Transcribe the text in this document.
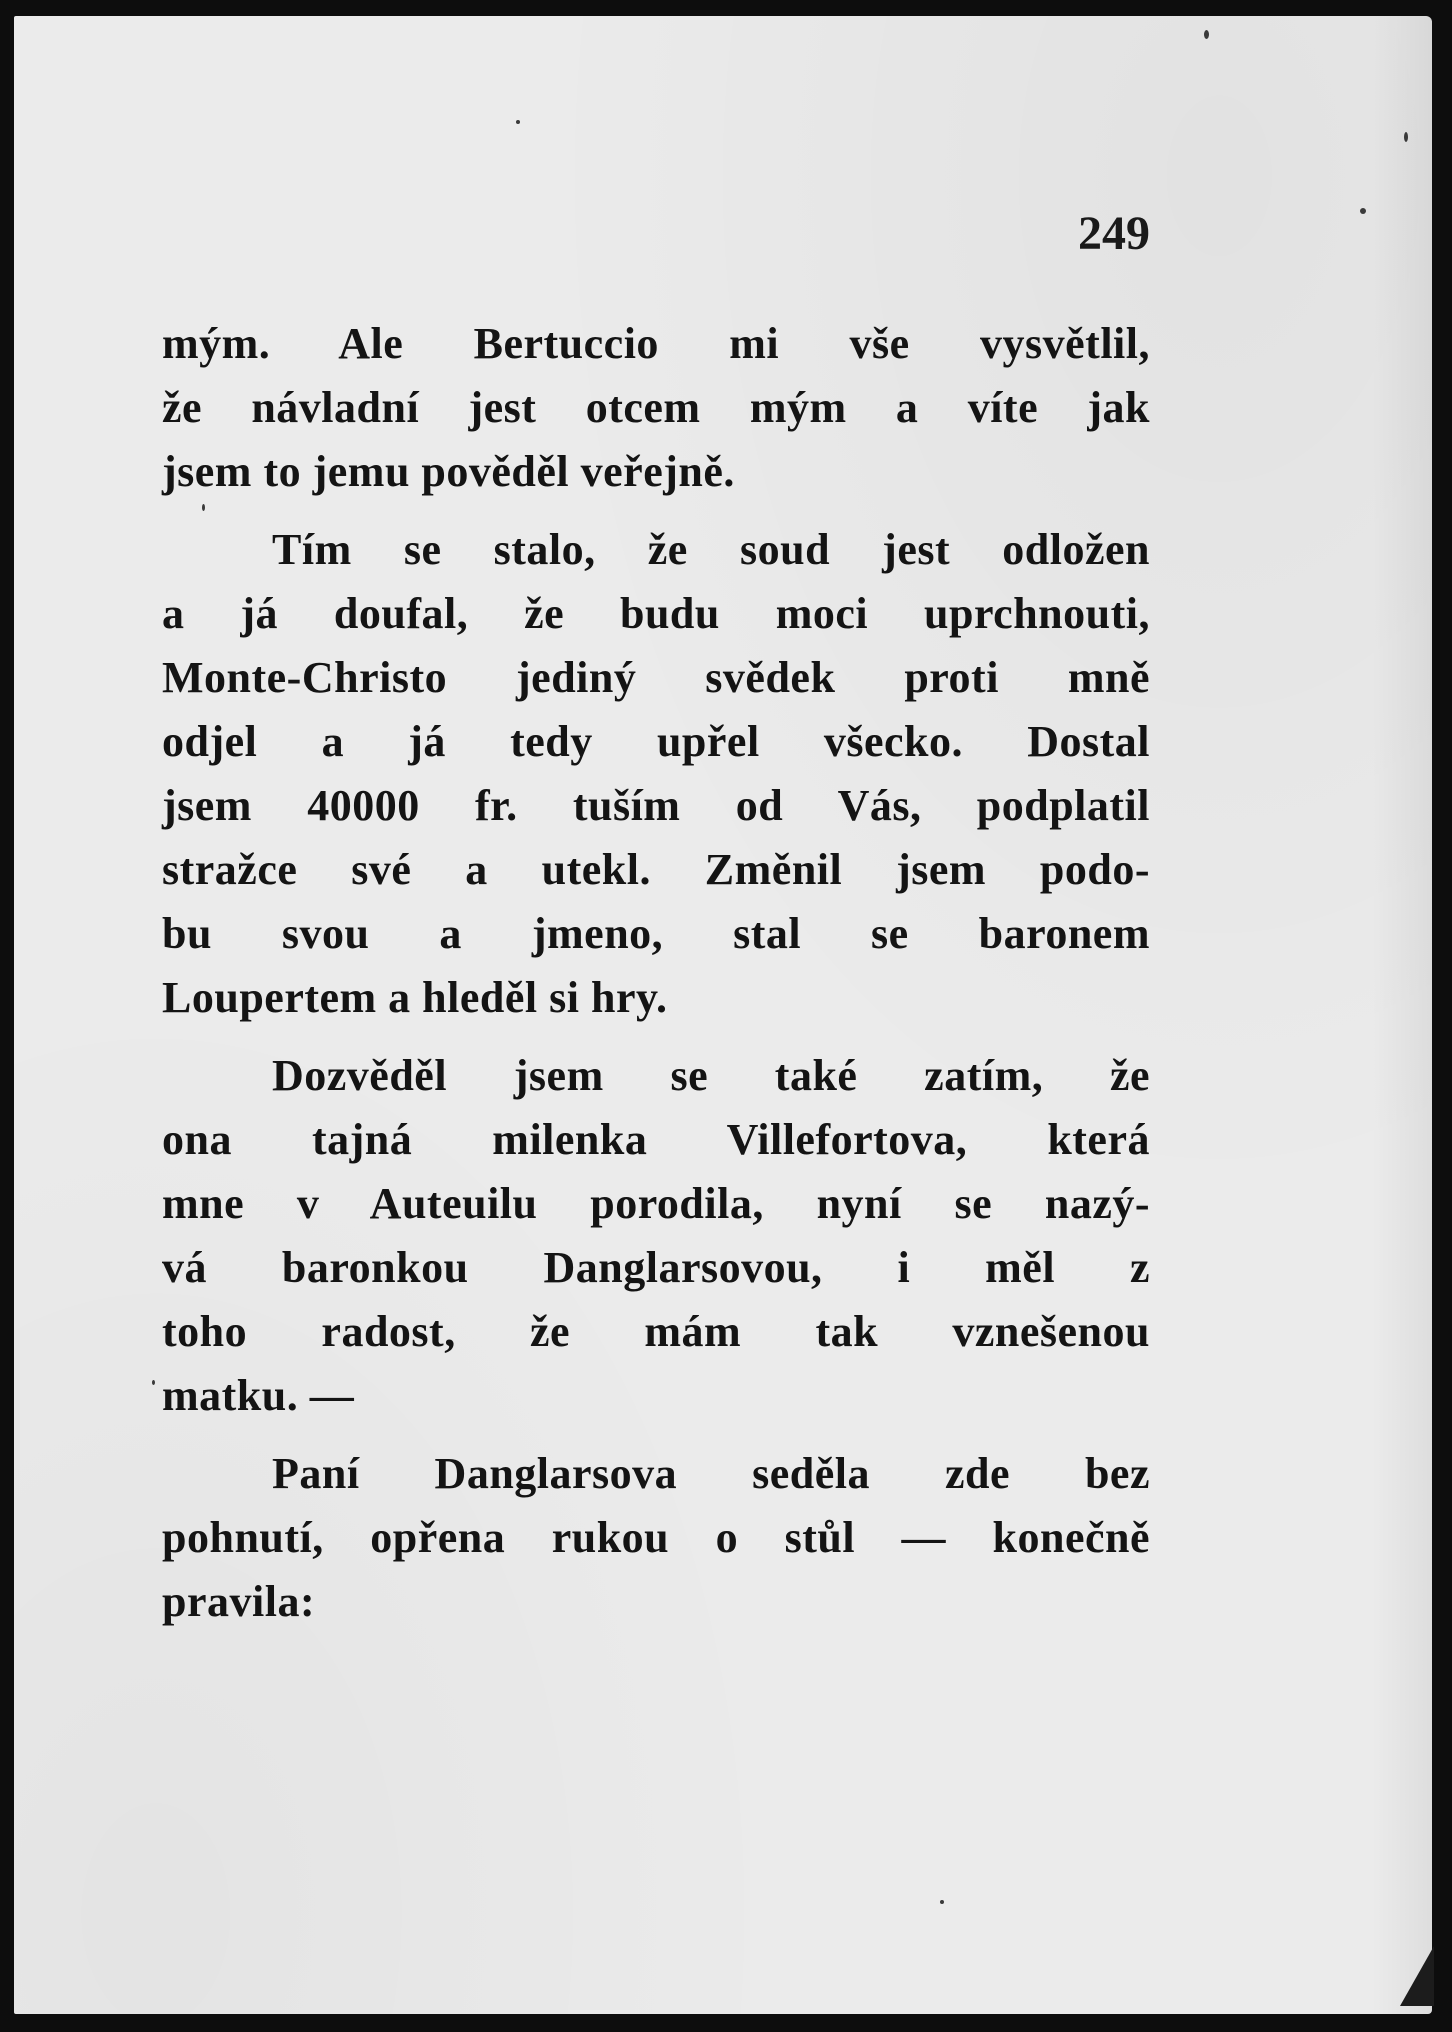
249
mým. Ale Bertuccio mi vše vysvětlil,
že návladní jest otcem mým a víte jak
jsem to jemu pověděl veřejně.
Tím se stalo, že soud jest odložen
a já doufal, že budu moci uprchnouti,
Monte-Christo jediný svědek proti mně
odjel a já tedy upřel všecko. Dostal
jsem 40000 fr. tuším od Vás, podplatil
stražce své a utekl. Změnil jsem podo-
bu svou a jmeno, stal se baronem
Loupertem a hleděl si hry.
Dozvěděl jsem se také zatím, že
ona tajná milenka Villefortova, která
mne v Auteuilu porodila, nyní se nazý-
vá baronkou Danglarsovou, i měl z
toho radost, že mám tak vznešenou
matku. —
Paní Danglarsova seděla zde bez
pohnutí, opřena rukou o stůl — konečně
pravila:
